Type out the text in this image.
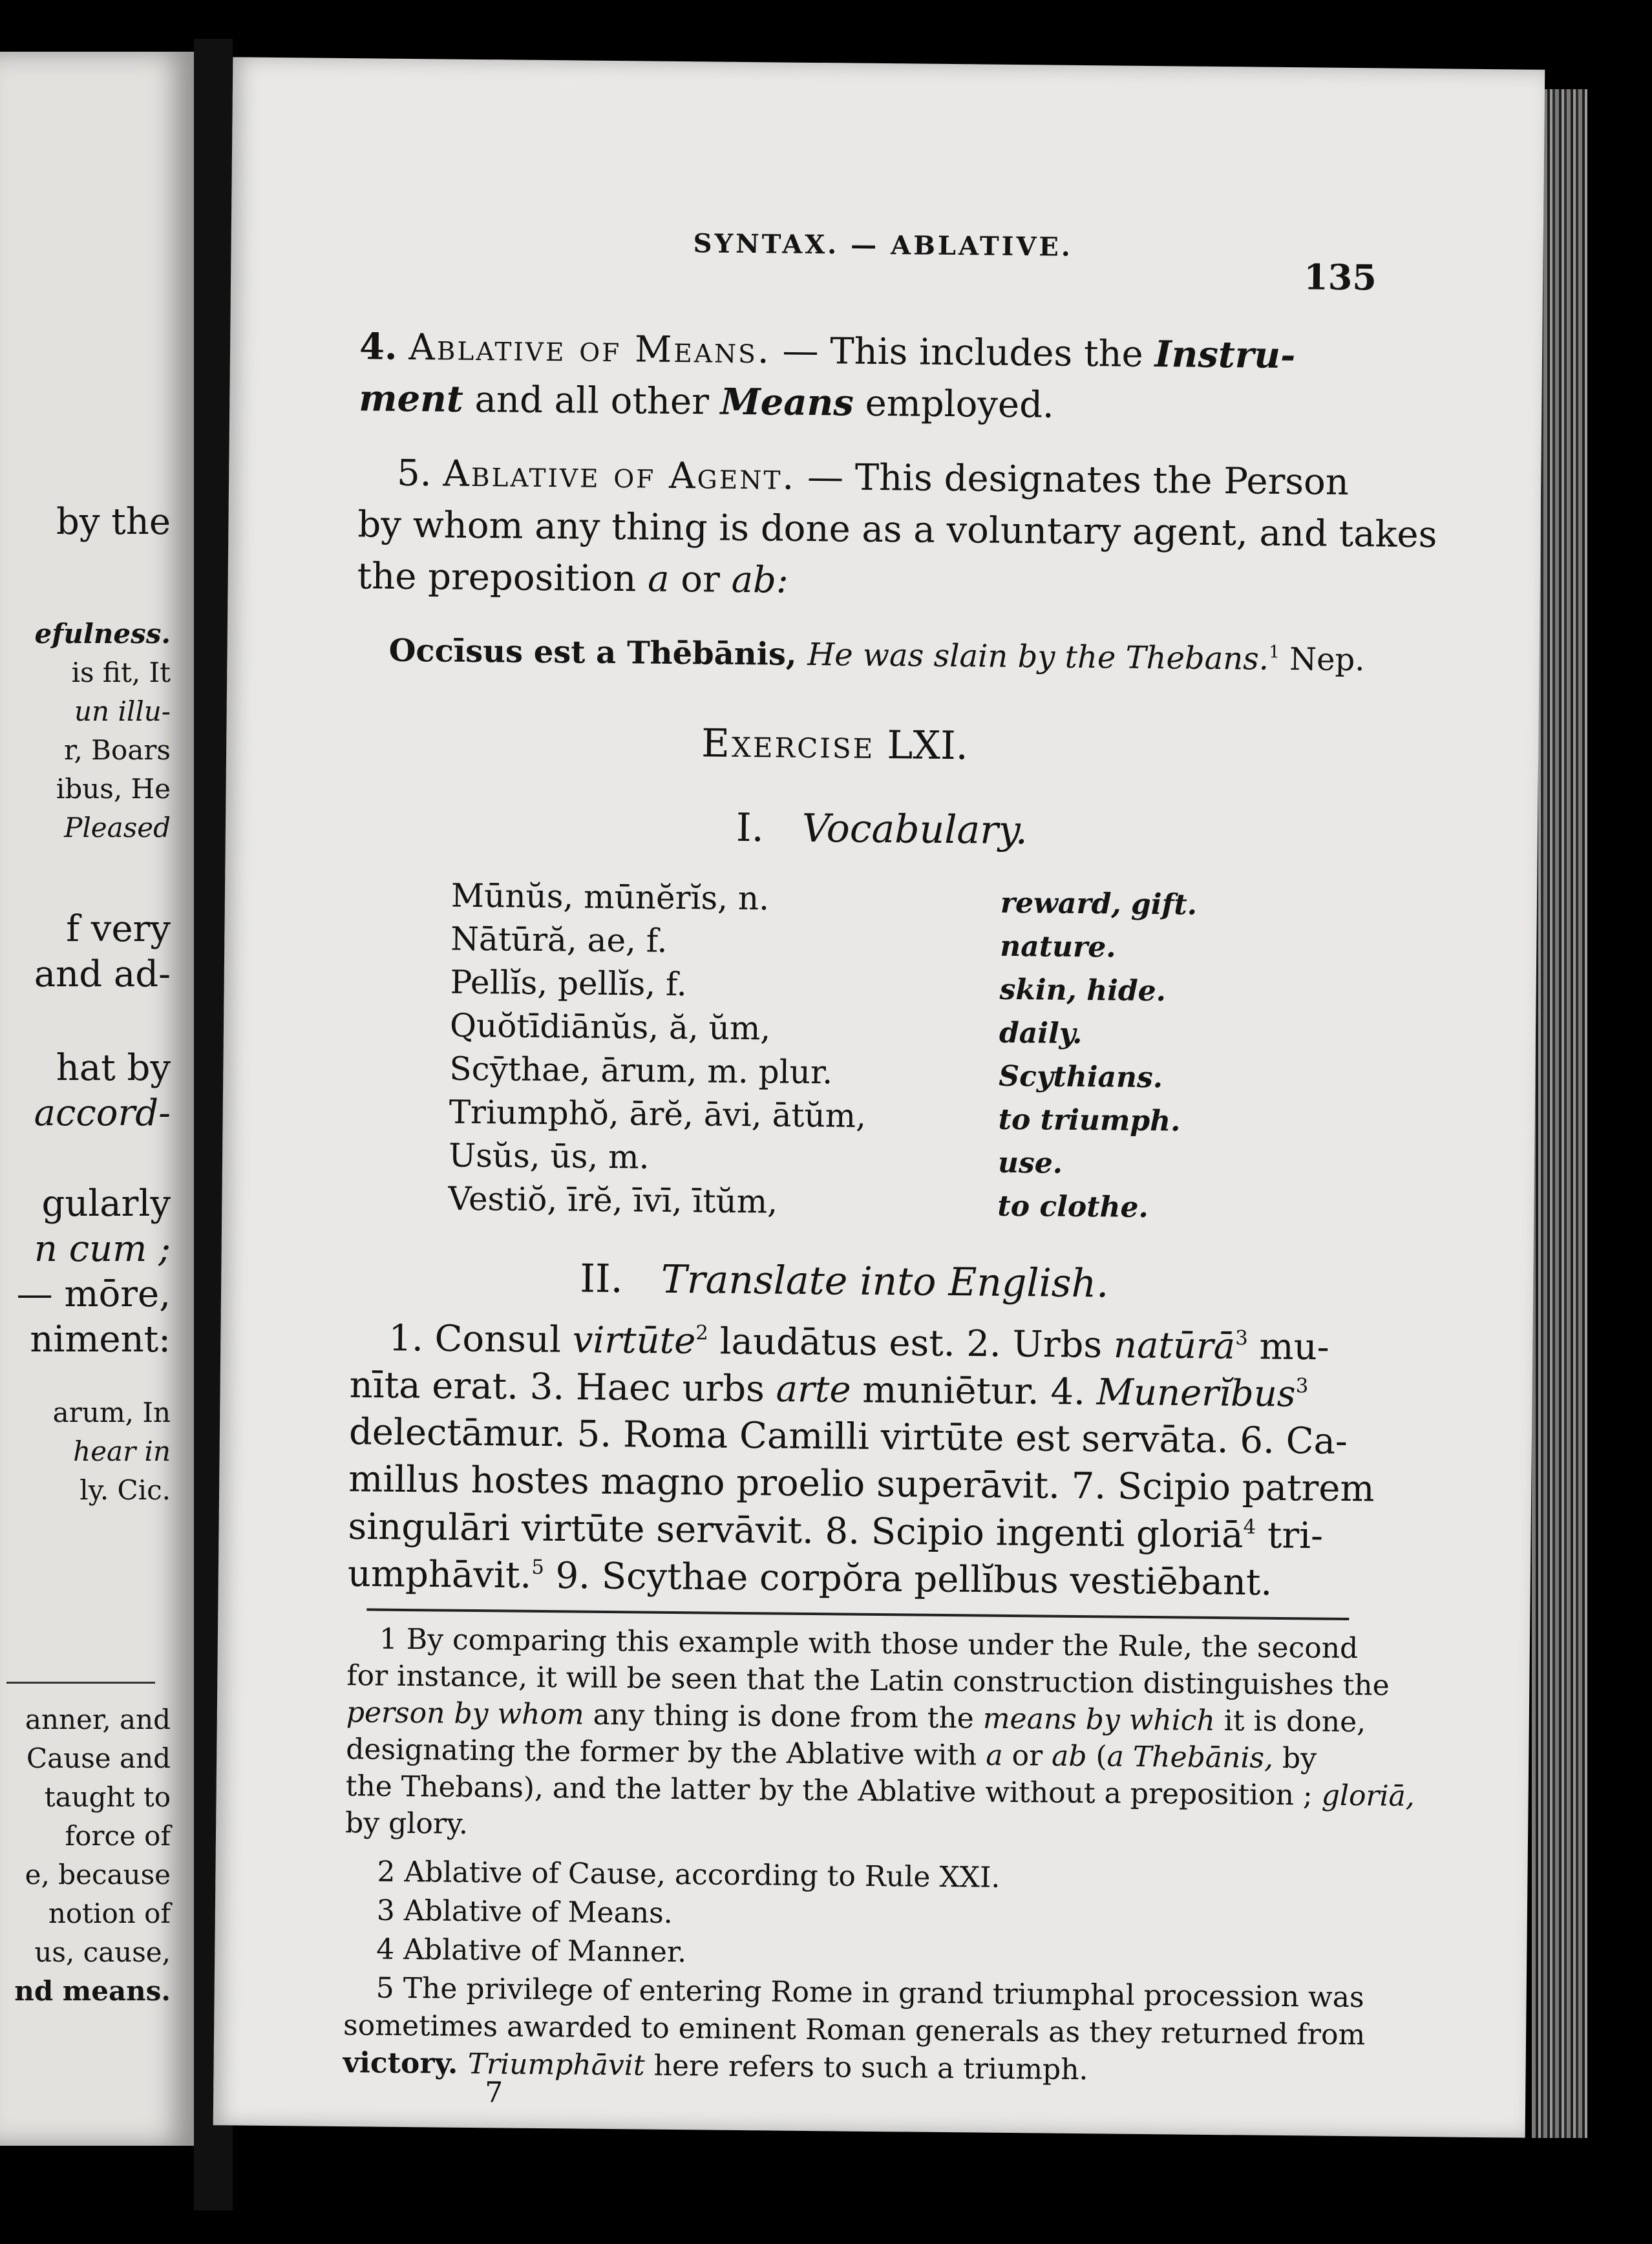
by the
efulness.
is fit, It
un illu-
r, Boars
ibus, He
Pleased
f very
and ad-
hat by
accord-
gularly
n cum ;
— mōre,
niment:
arum, In
hear in
ly. Cic.
anner, and
Cause and
taught to
force of
e, because
notion of
us, cause,
nd means.
SYNTAX. — ABLATIVE.
135
4. Ablative of Means. — This includes the Instru-
ment and all other Means employed.
5. Ablative of Agent. — This designates the Person
by whom any thing is done as a voluntary agent, and takes
the preposition a or ab:
Occīsus est a Thēbānis, He was slain by the Thebans.$^1$ Nep.
Exercise LXI.
I. Vocabulary.
Mūnŭs, mūnĕrĭs, n.	reward, gift.
Nātūră, ae, f.	nature.
Pellĭs, pellĭs, f.	skin, hide.
Quŏtīdiānŭs, ă, ŭm,	daily.
Scȳthae, ārum, m. plur.	Scythians.
Triumphŏ, ārĕ, āvi, ātŭm,	to triumph.
Usŭs, ūs, m.	use.
Vestiŏ, īrĕ, īvī, ītŭm,	to clothe.
II. Translate into English.
1. Consul virtūte$^2$ laudātus est. 2. Urbs natūrā$^3$ mu-
nīta erat. 3. Haec urbs arte muniētur. 4. Munerĭbus$^3$
delectāmur. 5. Roma Camilli virtūte est servāta. 6. Ca-
millus hostes magno proelio superāvit. 7. Scipio patrem
singulāri virtūte servāvit. 8. Scipio ingenti gloriā$^4$ tri-
umphāvit.$^5$ 9. Scythae corpŏra pellĭbus vestiēbant.
1 By comparing this example with those under the Rule, the second
for instance, it will be seen that the Latin construction distinguishes the
person by whom any thing is done from the means by which it is done,
designating the former by the Ablative with a or ab (a Thebānis, by
the Thebans), and the latter by the Ablative without a preposition ; gloriā,
by glory.
2 Ablative of Cause, according to Rule XXI.
3 Ablative of Means.
4 Ablative of Manner.
5 The privilege of entering Rome in grand triumphal procession was
sometimes awarded to eminent Roman generals as they returned from
victory. Triumphāvit here refers to such a triumph.
7
